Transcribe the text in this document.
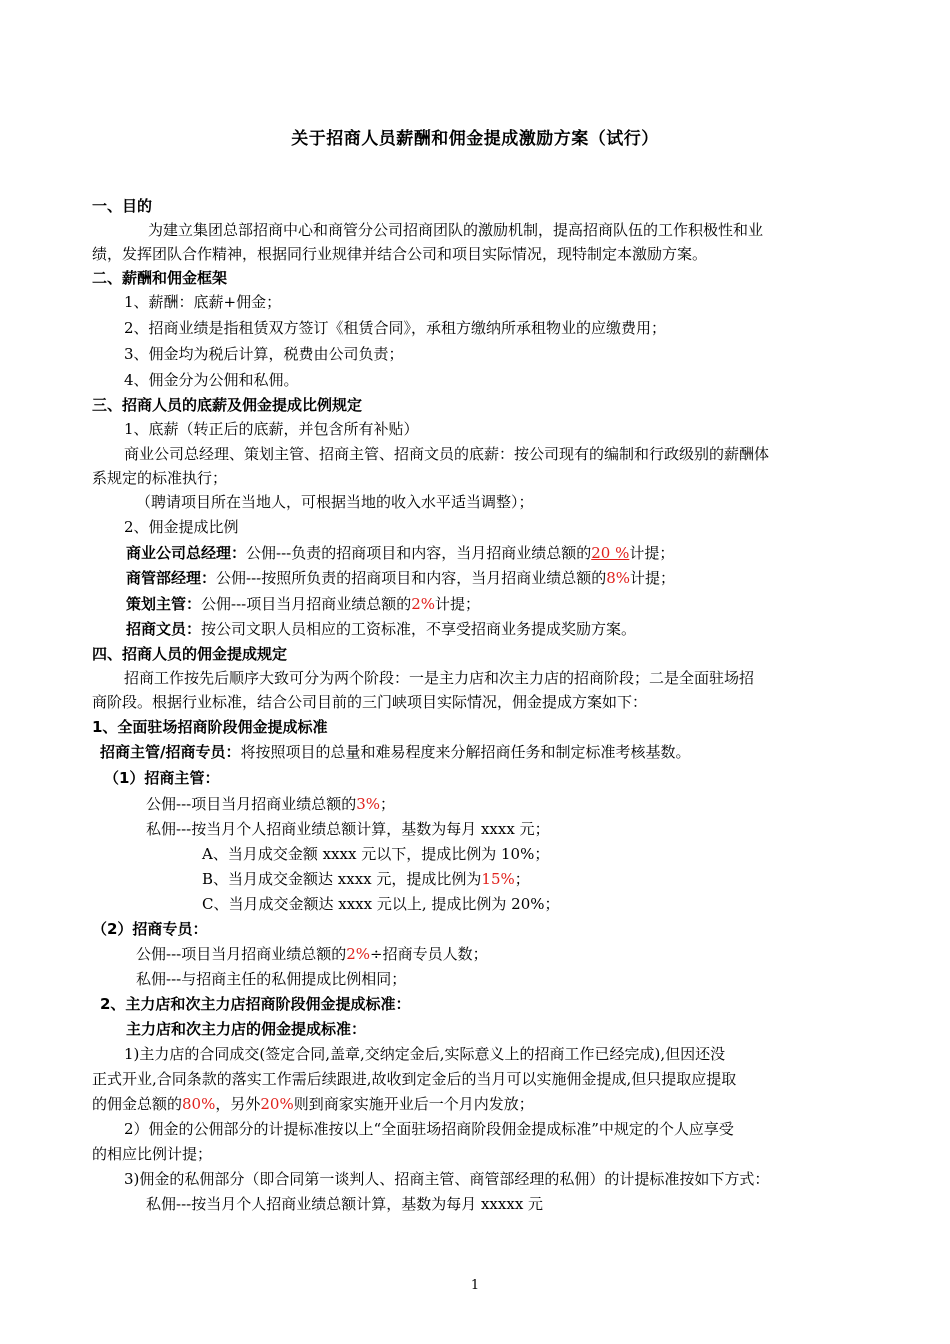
关于招商人员薪酬和佣金提成激励方案（试行）
一、目的
为建立集团总部招商中心和商管分公司招商团队的激励机制，提高招商队伍的工作积极性和业
绩，发挥团队合作精神，根据同行业规律并结合公司和项目实际情况，现特制定本激励方案。
二、薪酬和佣金框架
1、薪酬：底薪+佣金；
2、招商业绩是指租赁双方签订《租赁合同》，承租方缴纳所承租物业的应缴费用；
3、佣金均为税后计算，税费由公司负责；
4、佣金分为公佣和私佣。
三、招商人员的底薪及佣金提成比例规定
1、底薪（转正后的底薪，并包含所有补贴）
商业公司总经理、策划主管、招商主管、招商文员的底薪：按公司现有的编制和行政级别的薪酬体
系规定的标准执行；
（聘请项目所在当地人，可根据当地的收入水平适当调整）；
2、佣金提成比例
商业公司总经理：公佣---负责的招商项目和内容，当月招商业绩总额的20 %计提；
商管部经理：公佣---按照所负责的招商项目和内容，当月招商业绩总额的8%计提；
策划主管：公佣---项目当月招商业绩总额的2%计提；
招商文员：按公司文职人员相应的工资标准，不享受招商业务提成奖励方案。
四、招商人员的佣金提成规定
招商工作按先后顺序大致可分为两个阶段：一是主力店和次主力店的招商阶段；二是全面驻场招
商阶段。根据行业标准，结合公司目前的三门峡项目实际情况，佣金提成方案如下：
1、全面驻场招商阶段佣金提成标准
招商主管/招商专员：将按照项目的总量和难易程度来分解招商任务和制定标准考核基数。
（1）招商主管：
公佣---项目当月招商业绩总额的3%；
私佣---按当月个人招商业绩总额计算，基数为每月 xxxx 元；
A、当月成交金额 xxxx 元以下，提成比例为 10%；
B、当月成交金额达 xxxx 元，提成比例为15%；
C、当月成交金额达 xxxx 元以上, 提成比例为 20%；
（2）招商专员：
公佣---项目当月招商业绩总额的2%÷招商专员人数；
私佣---与招商主任的私佣提成比例相同；
2、主力店和次主力店招商阶段佣金提成标准：
主力店和次主力店的佣金提成标准：
1)主力店的合同成交(签定合同,盖章,交纳定金后,实际意义上的招商工作已经完成),但因还没
正式开业,合同条款的落实工作需后续跟进,故收到定金后的当月可以实施佣金提成,但只提取应提取
的佣金总额的80%，另外20%则到商家实施开业后一个月内发放；
2）佣金的公佣部分的计提标准按以上“全面驻场招商阶段佣金提成标准”中规定的个人应享受
的相应比例计提；
3)佣金的私佣部分（即合同第一谈判人、招商主管、商管部经理的私佣）的计提标准按如下方式：
私佣---按当月个人招商业绩总额计算，基数为每月 xxxxx 元
1
